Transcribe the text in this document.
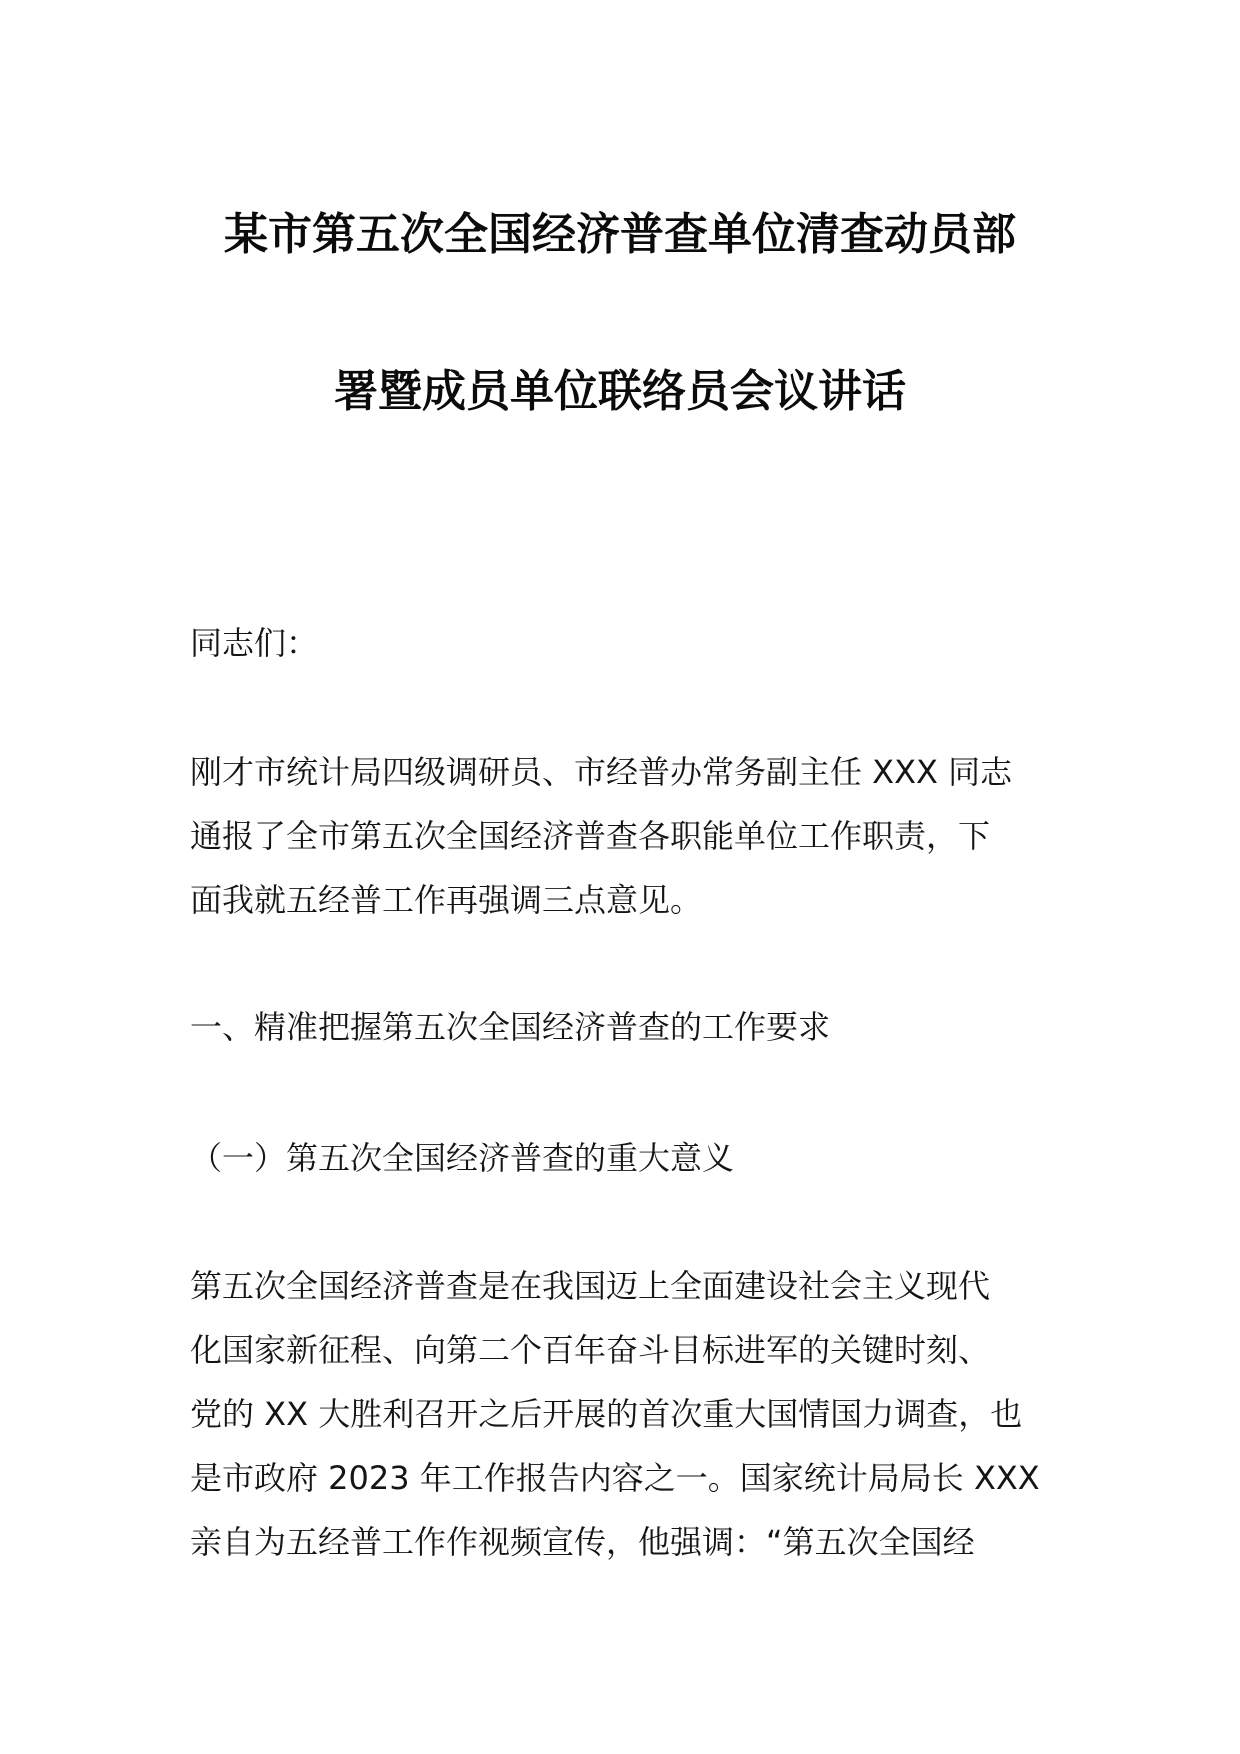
某市第五次全国经济普查单位清查动员部
署暨成员单位联络员会议讲话
同志们：
刚才市统计局四级调研员、市经普办常务副主任 XXX 同志
通报了全市第五次全国经济普查各职能单位工作职责，下
面我就五经普工作再强调三点意见。
一、精准把握第五次全国经济普查的工作要求
（一）第五次全国经济普查的重大意义
第五次全国经济普查是在我国迈上全面建设社会主义现代
化国家新征程、向第二个百年奋斗目标进军的关键时刻、
党的 XX 大胜利召开之后开展的首次重大国情国力调查，也
是市政府 2023 年工作报告内容之一。国家统计局局长 XXX
亲自为五经普工作作视频宣传，他强调：“第五次全国经
